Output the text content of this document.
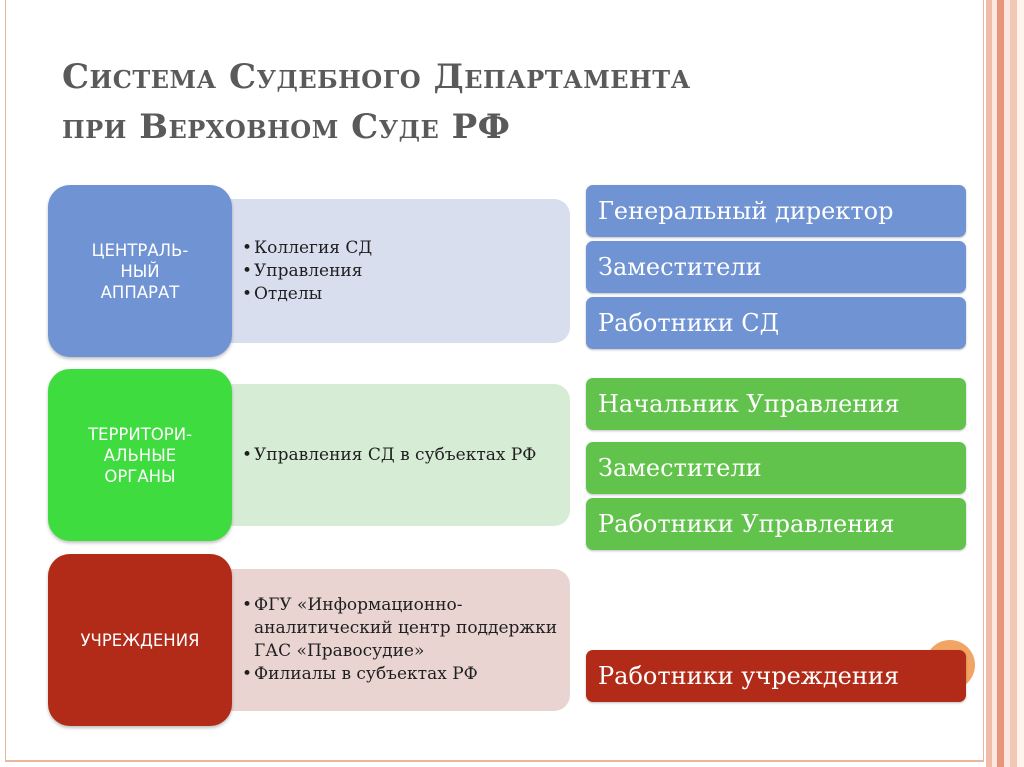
Система Судебного Департамента
при Верховном Суде РФ
• Коллегия СД
• Управления
• Отделы
ЦЕНТРАЛЬ-
НЫЙ
АППАРАТ
• Управления СД в субъектах РФ
ТЕРРИТОРИ-
АЛЬНЫЕ
ОРГАНЫ
• ФГУ «Информационно-аналитический центр поддержки ГАС «Правосудие»
• Филиалы в субъектах РФ
УЧРЕЖДЕНИЯ
Генеральный директор
Заместители
Работники СД
Начальник Управления
Заместители
Работники Управления
Работники учреждения
